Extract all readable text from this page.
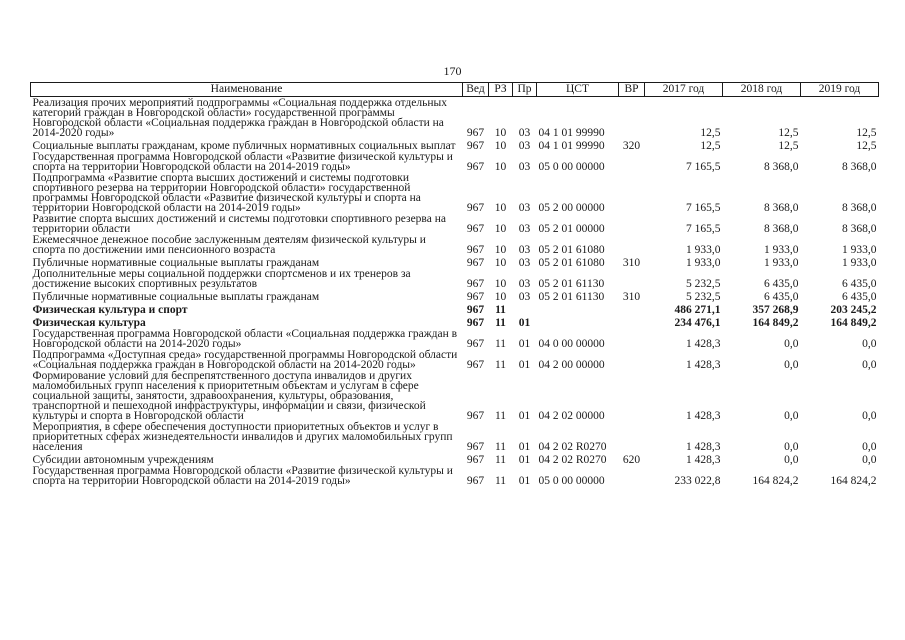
170
Наименование	Вед	РЗ	Пр	ЦСТ	ВР	2017 год	2018 год	2019 год
Реализация прочих мероприятий подпрограммы «Социальная поддержка отдельных категорий граждан в Новгородской области» государственной программы Новгородской области «Социальная поддержка граждан в Новгородской области на 2014-2020 годы»	967	10	03	04 1 01 99990		12,5	12,5	12,5
Социальные выплаты гражданам, кроме публичных нормативных социальных выплат	967	10	03	04 1 01 99990	320	12,5	12,5	12,5
Государственная программа Новгородской области «Развитие физической культуры и спорта на территории Новгородской области на 2014-2019 годы»	967	10	03	05 0 00 00000		7 165,5	8 368,0	8 368,0
Подпрограмма «Развитие спорта высших достижений и системы подготовки спортивного резерва на территории Новгородской области» государственной программы Новгородской области «Развитие физической культуры и спорта на территории Новгородской области на 2014-2019 годы»	967	10	03	05 2 00 00000		7 165,5	8 368,0	8 368,0
Развитие спорта высших достижений и системы подготовки спортивного резерва на территории области	967	10	03	05 2 01 00000		7 165,5	8 368,0	8 368,0
Ежемесячное денежное пособие заслуженным деятелям физической культуры и спорта по достижении ими пенсионного возраста	967	10	03	05 2 01 61080		1 933,0	1 933,0	1 933,0
Публичные нормативные социальные выплаты гражданам	967	10	03	05 2 01 61080	310	1 933,0	1 933,0	1 933,0
Дополнительные меры социальной поддержки спортсменов и их тренеров за достижение высоких спортивных результатов	967	10	03	05 2 01 61130		5 232,5	6 435,0	6 435,0
Публичные нормативные социальные выплаты гражданам	967	10	03	05 2 01 61130	310	5 232,5	6 435,0	6 435,0
Физическая культура и спорт	967	11				486 271,1	357 268,9	203 245,2
Физическая культура	967	11	01			234 476,1	164 849,2	164 849,2
Государственная программа Новгородской области «Социальная поддержка граждан в Новгородской области на 2014-2020 годы»	967	11	01	04 0 00 00000		1 428,3	0,0	0,0
Подпрограмма «Доступная среда» государственной программы Новгородской области «Социальная поддержка граждан в Новгородской области на 2014-2020 годы»	967	11	01	04 2 00 00000		1 428,3	0,0	0,0
Формирование условий для беспрепятственного доступа инвалидов и других маломобильных групп населения к приоритетным объектам и услугам в сфере социальной защиты, занятости, здравоохранения, культуры, образования, транспортной и пешеходной инфраструктуры, информации и связи, физической культуры и спорта в Новгородской области	967	11	01	04 2 02 00000		1 428,3	0,0	0,0
Мероприятия, в сфере обеспечения доступности приоритетных объектов и услуг в приоритетных сферах жизнедеятельности инвалидов и других маломобильных групп населения	967	11	01	04 2 02 R0270		1 428,3	0,0	0,0
Субсидии автономным учреждениям	967	11	01	04 2 02 R0270	620	1 428,3	0,0	0,0
Государственная программа Новгородской области «Развитие физической культуры и спорта на территории Новгородской области на 2014-2019 годы»	967	11	01	05 0 00 00000		233 022,8	164 824,2	164 824,2
